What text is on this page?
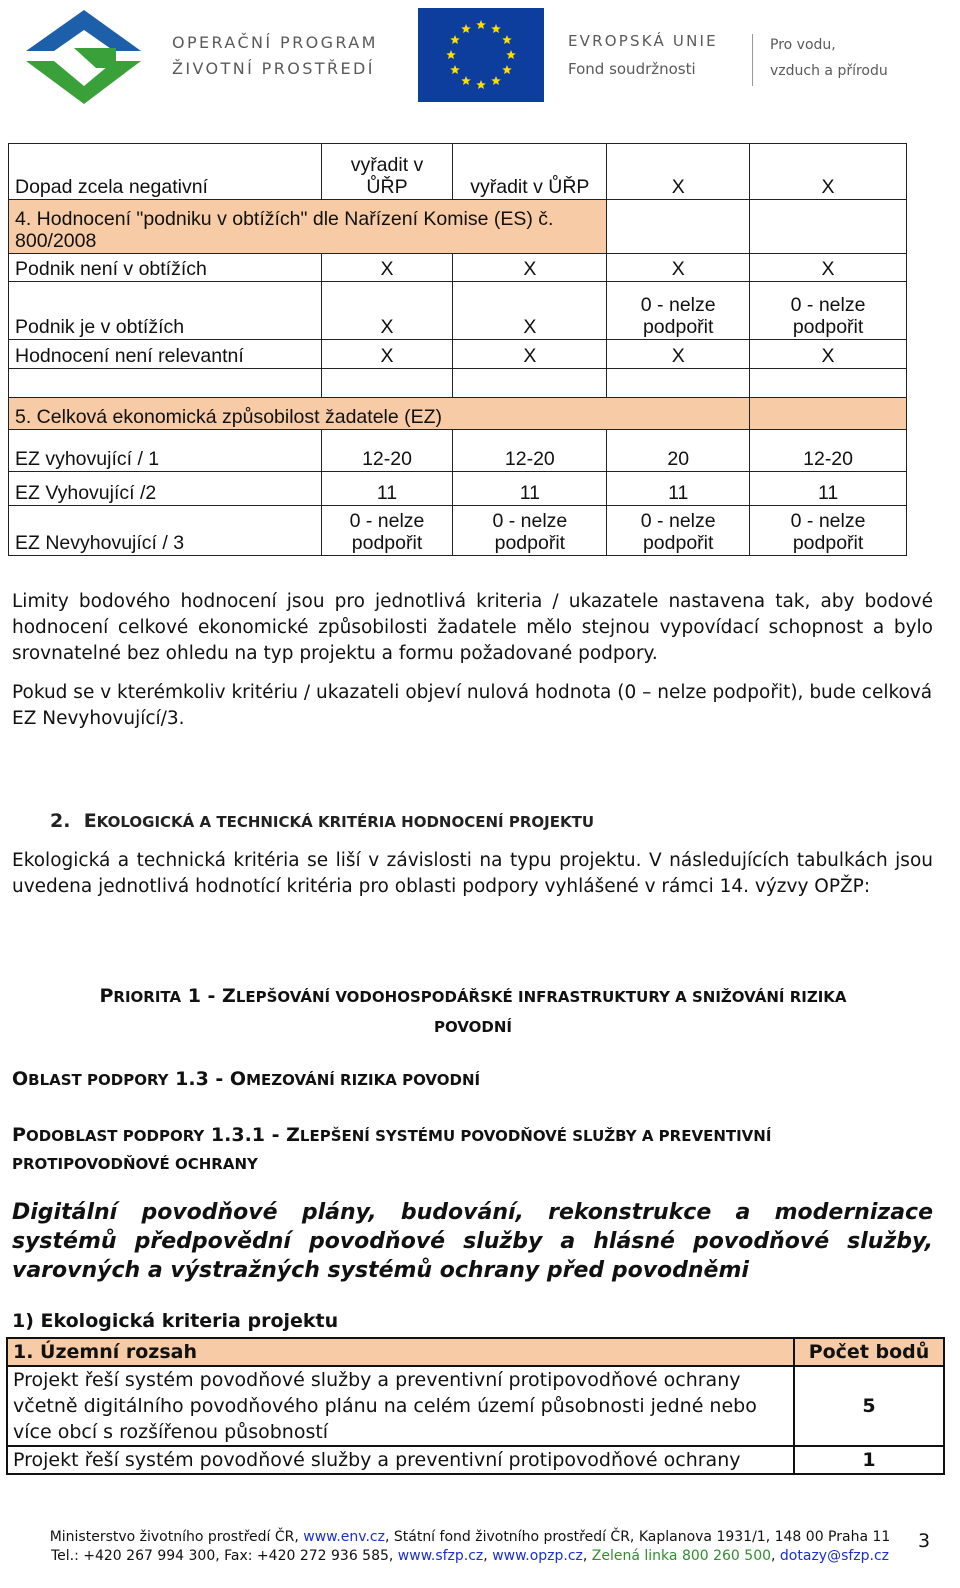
OPERAČNÍ PROGRAM
ŽIVOTNÍ PROSTŘEDÍ
EVROPSKÁ UNIE
Fond soudržnosti
Pro vodu,
vzduch a přírodu
Dopad zcela negativní	vyřadit v ŮŘP	vyřadit v ŮŘP	X	X
4. Hodnocení "podniku v obtížích" dle Nařízení Komise (ES) č. 800/2008				
Podnik není v obtížích	X	X	X	X
Podnik je v obtížích	X	X	0 - nelze podpořit	0 - nelze podpořit
Hodnocení není relevantní	X	X	X	X

5. Celková ekonomická způsobilost žadatele (EZ)				
EZ vyhovující / 1	12-20	12-20	20	12-20
EZ Vyhovující /2	11	11	11	11
EZ Nevyhovující / 3	0 - nelze podpořit	0 - nelze podpořit	0 - nelze podpořit	0 - nelze podpořit

Limity bodového hodnocení jsou pro jednotlivá kriteria / ukazatele nastavena tak, aby bodové hodnocení celkové ekonomické způsobilosti žadatele mělo stejnou vypovídací schopnost a bylo srovnatelné bez ohledu na typ projektu a formu požadované podpory.

Pokud se v kterémkoliv kritériu / ukazateli objeví nulová hodnota (0 – nelze podpořit), bude celková EZ Nevyhovující/3.

2. EKOLOGICKÁ A TECHNICKÁ KRITÉRIA HODNOCENÍ PROJEKTU

Ekologická a technická kritéria se liší v závislosti na typu projektu. V následujících tabulkách jsou uvedena jednotlivá hodnotící kritéria pro oblasti podpory vyhlášené v rámci 14. výzvy OPŽP:

PRIORITA 1 - ZLEPŠOVÁNÍ VODOHOSPODÁŘSKÉ INFRASTRUKTURY A SNIŽOVÁNÍ RIZIKA
POVODNÍ

OBLAST PODPORY 1.3 - OMEZOVÁNÍ RIZIKA POVODNÍ

PODOBLAST PODPORY 1.3.1 - ZLEPŠENÍ SYSTÉMU POVODŇOVÉ SLUŽBY A PREVENTIVNÍ PROTIPOVODŇOVÉ OCHRANY

Digitální povodňové plány, budování, rekonstrukce a modernizace systémů předpovědní povodňové služby a hlásné povodňové služby, varovných a výstražných systémů ochrany před povodněmi

1) Ekologická kriteria projektu

1. Územní rozsah	Počet bodů
Projekt řeší systém povodňové služby a preventivní protipovodňové ochrany včetně digitálního povodňového plánu na celém území působnosti jedné nebo více obcí s rozšířenou působností	5
Projekt řeší systém povodňové služby a preventivní protipovodňové ochrany	1
Ministerstvo životního prostředí ČR, www.env.cz, Státní fond životního prostředí ČR, Kaplanova 1931/1, 148 00 Praha 11
Tel.: +420 267 994 300, Fax: +420 272 936 585, www.sfzp.cz, www.opzp.cz, Zelená linka 800 260 500, dotazy@sfzp.cz
3
